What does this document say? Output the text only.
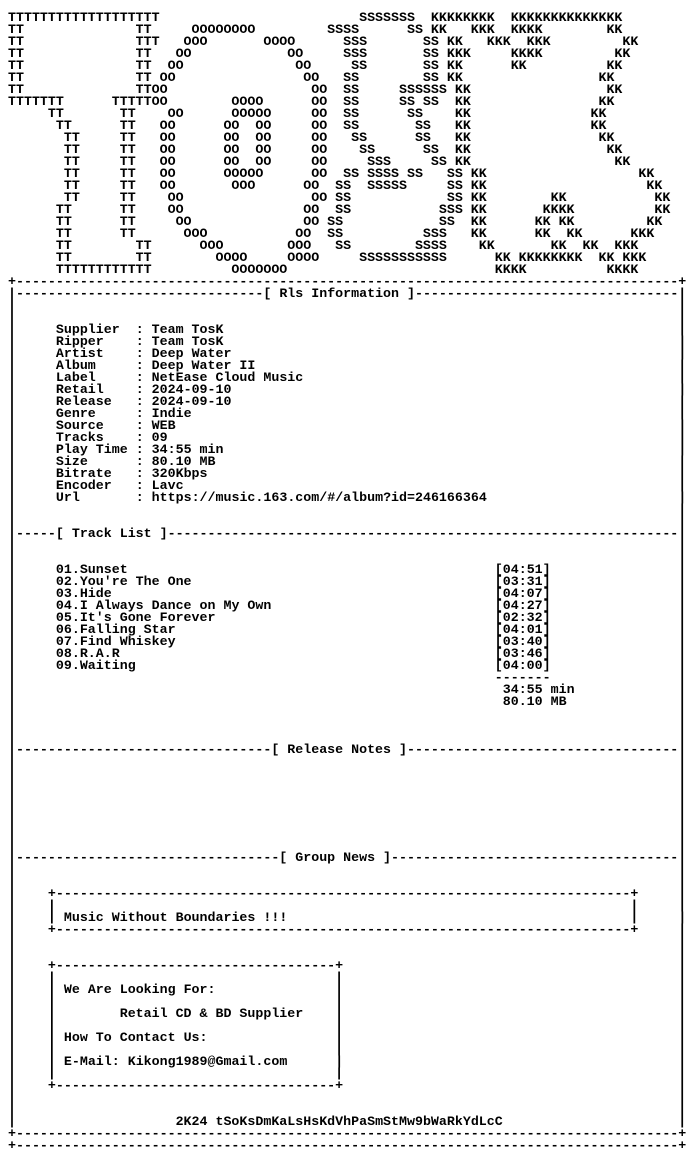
TTTTTTTTTTTTTTTTTTT                         SSSSSSS  KKKKKKKK  KKKKKKKKKKKKKK
TT              TT     OOOOOOOO         SSSS      SS KK   KKK  KKKK        KK
TT              TTT   OOO       OOOO      SSS       SS KK   KKK  KKK         KK
TT              TT   OO            OO     SSS       SS KKK     KKKK         KK
TT              TT  OO              OO     SS       SS KK      KK          KK
TT              TT OO                OO   SS        SS KK                 KK
TT              TTOO                  OO  SS     SSSSSS KK                 KK
TTTTTTT      TTTTTOO        OOOO      OO  SS     SS SS  KK                KK
TT       TT    OO      OOOOO     OO  SS      SS    KK               KK
TT      TT   OO      OO  OO     OO  SS       SS   KK               KK
TT     TT   OO      OO  OO     OO   SS      SS   KK                KK
TT     TT   OO      OO  OO     OO    SS      SS  KK                 KK
TT     TT   OO      OO  OO     OO     SSS     SS KK                  KK
TT     TT   OO      OOOOO      OO  SS SSSS SS   SS KK                   KK
TT     TT   OO       OOO      OO  SS  SSSSS     SS KK                    KK
TT     TT    OO                OO SS            SS KK        KK           KK
TT      TT    OO               OO  SS           SSS KK       KKKK          KK
TT      TT     OO              OO SS            SS  KK      KK KK         KK
TT      TT      OOO           OO  SS          SSS   KK      KK  KK      KKK
TT        TT      OOO        OOO   SS        SSSS    KK       KK  KK  KKK
TT        TT        OOOO     OOOO     SSSSSSSSSSS      KK KKKKKKKK  KK KKK
TTTTTTTTTTTT          OOOOOOO                          KKKK          KKKK
+-----------------------------------------------------------------------------------+
|-------------------------------[ Rls Information ]---------------------------------|
|                                                                                   |
|                                                                                   |
|	Supplier  : Team TosK                                                         |
|	Ripper    : Team TosK                                                         |
|	Artist    : Deep Water                                                        |
|	Album     : Deep Water II                                                     |
|	Label     : NetEase Cloud Music                                               |
|	Retail    : 2024-09-10                                                        |
|	Release   : 2024-09-10                                                        |
|	Genre     : Indie                                                             |
|	Source    : WEB                                                               |
|	Tracks    : 09                                                                |
|	Play Time : 34:55 min                                                         |
|	Size      : 80.10 MB                                                          |
|	Bitrate   : 320Kbps                                                           |
|	Encoder   : Lavc                                                              |
|	Url       : https://music.163.com/#/album?id=246166364                        |
|                                                                                   |
|                                                                                   |
|-----[ Track List ]----------------------------------------------------------------|
|                                                                                   |
|                                                                                   |
|	01.Sunset	[04:51]                |
|	02.You're The One	[03:31]                |
|	03.Hide	[04:07]                |
|	04.I Always Dance on My Own	[04:27]                |
|	05.It's Gone Forever	[02:32]                |
|	06.Falling Star	[04:01]                |
|	07.Find Whiskey	[03:40]                |
|	08.R.A.R	[03:46]                |
|	09.Waiting	[04:00]                |
|                                                            -------                |
|	34:55 min             |
|	80.10 MB              |
|                                                                                   |
|                                                                                   |
|                                                                                   |
|--------------------------------[ Release Notes ]----------------------------------|
|                                                                                   |
|                                                                                   |
|                                                                                   |
|                                                                                   |
|                                                                                   |
|                                                                                   |
|                                                                                   |
|                                                                                   |
|---------------------------------[ Group News ]------------------------------------|
|                                                                                   |
|                                                                                   |
|    +------------------------------------------------------------------------+     |
|    |                                                                        |     |
|    | Music Without Boundaries !!!                                           |     |
|    +------------------------------------------------------------------------+     |
|                                                                                   |
|                                                                                   |
|    +-----------------------------------+                                          |
|    |                                   |                                          |
|    | We Are Looking For:               |                                          |
|    |                                   |                                          |
|    |        Retail CD & BD Supplier    |                                          |
|    |                                   |                                          |
|    | How To Contact Us:                |                                          |
|    |                                   |                                          |
|    | E-Mail: Kikong1989@Gmail.com      |                                          |
|    |                                   |                                          |
|    +-----------------------------------+                                          |
|                                                                                   |
|                                                                                   |
|	2K24 tSoKsDmKaLsHsKdVhPaSmStMw9bWaRkYdLcC                      |
+-----------------------------------------------------------------------------------+
+-----------------------------------------------------------------------------------+
